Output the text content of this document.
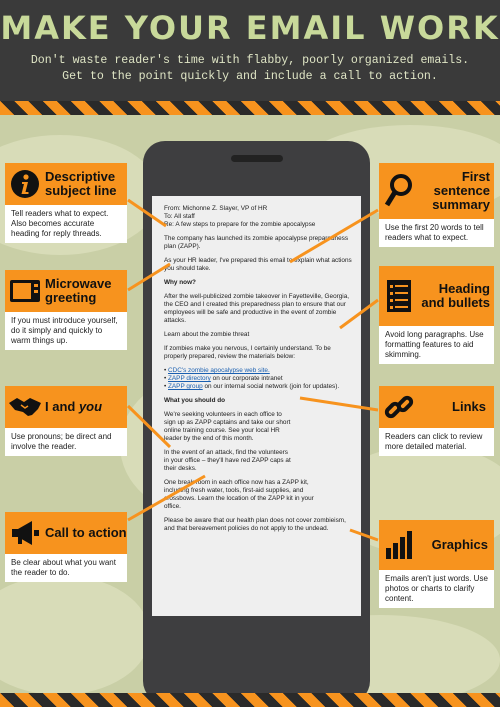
MAKE YOUR EMAIL WORK
Don't waste reader's time with flabby, poorly organized emails.
Get to the point quickly and include a call to action.

From: Michonne Z. Slayer, VP of HR
To: All staff
Re: A few steps to prepare for the zombie apocalypse

The company has launched its zombie apocalypse preparedness plan (ZAPP).

As your HR leader, I've prepared this email to explain what actions you should take.

Why now?

After the well-publicized zombie takeover in Fayetteville, Georgia, the CEO and I created this preparedness plan to ensure that our employees will be safe and productive in the event of zombie attacks.

Learn about the zombie threat

If zombies make you nervous, I certainly understand. To be properly prepared, review the materials below:

• CDC's zombie apocalypse web site.
• ZAPP directory on our corporate intranet
• ZAPP group on our internal social network (join for updates).

What you should do

We're seeking volunteers in each office to sign up as ZAPP captains and take our short online training course. See your local HR leader by the end of this month.

In the event of an attack, find the volunteers in your office – they'll have red ZAPP caps at their desks.

One break room in each office now has a ZAPP kit, including fresh water, tools, first-aid supplies, and crossbows. Learn the location of the ZAPP kit in your office.

Please be aware that our health plan does not cover zombieism, and that bereavement policies do not apply to the undead.

Descriptive subject line
Tell readers what to expect. Also becomes accurate heading for reply threads.
Microwave greeting
If you must introduce yourself, do it simply and quickly to warm things up.
I and you
Use pronouns; be direct and involve the reader.
Call to action
Be clear about what you want the reader to do.
First sentence summary
Use the first 20 words to tell readers what to expect.
Heading and bullets
Avoid long paragraphs. Use formatting features to aid skimming.
Links
Readers can click to review more detailed material.
Graphics
Emails aren't just words. Use photos or charts to clarify content.
